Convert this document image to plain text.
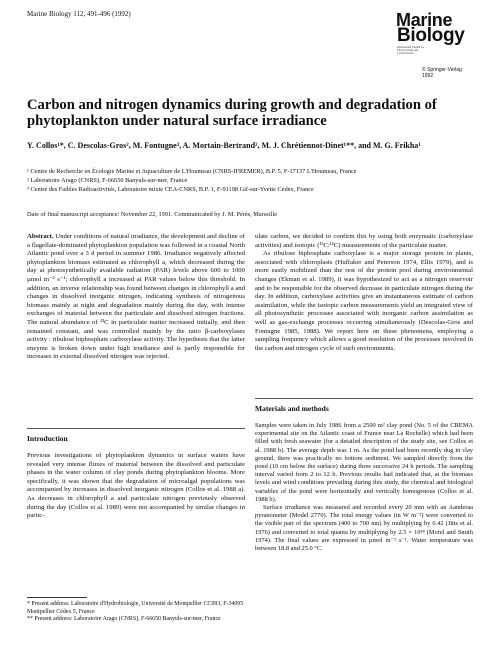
Marine Biology 112, 491-496 (1992)	Marine
Biology
International Journal on Life in Oceans and Coastal Waters
© Springer-Verlag 1992
Carbon and nitrogen dynamics during growth and degradation of phytoplankton under natural surface irradiance
Y. Collos¹*, C. Descolas-Gros², M. Fontugne³, A. Mortain-Bertrand², M. J. Chrétiennot-Dinet¹**, and M. G. Frikha¹
¹ Centre de Recherche en Écologie Marine et Aquaculture de L'Houmeau (CNRS-IFREMER), B.P. 5, F-17137 L'Houmeau, France
² Laboratoire Arago (CNRS), F-66650 Banyuls-sur-mer, France
³ Centre des Faibles Radioactivités, Laboratoire mixte CEA-CNRS, B.P. 1, F-91198 Gif-sur-Yvette Cedex, France
Date of final manuscript acceptance: November 22, 1991. Communicated by J. M. Pérès, Marseille

Abstract. Under conditions of natural irradiance, the development and decline of a flagellate-dominated phytoplankton population was followed in a coastal North Atlantic pond over a 3 d period in summer 1986. Irradiance negatively affected phytoplankton biomass estimated as chlorophyll a, which decreased during the day at photosynthetically available radiation (PAR) levels above 600 to 1000 µmol m⁻² s⁻¹; chlorophyll a increased at PAR values below this threshold. In addition, an inverse relationship was found between changes in chlorophyll a and changes in dissolved inorganic nitrogen, indicating synthesis of nitrogenous biomass mainly at night and degradation mainly during the day, with intense exchanges of material between the particulate and dissolved nitrogen fractions. The natural abundance of ¹³C in particulate matter increased initially, and then remained constant, and was controlled mainly by the ratio β-carboxylases activity : ribulose biphosphate carboxylase activity. The hypothesis that the latter enzyme is broken down under high irradiance and is partly responsible for increases in external dissolved nitrogen was rejected.

ulate carbon, we decided to confirm this by using both enzymatic (carboxylase activities) and isotopic (¹³C:¹²C) measurements of the particulate matter.

As ribulose biphosphate carboxylase is a major storage protein in plants, associated with chloroplasts (Huffaker and Peterson 1974, Ellis 1979), and is more easily mobilized than the rest of the protein pool during environmental changes (Ekman et al. 1989), it was hypothesized to act as a nitrogen reservoir and to be responsible for the observed decrease in particulate nitrogen during the day. In addition, carboxylase activities give an instantaneous estimate of carbon assimilation, while the isotopic carbon measurements yield an integrated view of all photosynthetic processes associated with inorganic carbon assimilation as well as gas-exchange processes occurring simultaneously (Descolas-Gros and Fontugne 1985, 1988). We report here on these phenomena, employing a sampling frequency which allows a good resolution of the processes involved in the carbon and nitrogen cycle of such environments.

Introduction
Previous investigations of phytoplankton dynamics in surface waters have revealed very intense fluxes of material between the dissolved and particulate phases in the water column of clay ponds during phytoplankton blooms. More specifically, it was shown that the degradation of microalgal populations was accompanied by increases in dissolved inorganic nitrogen (Collos et al. 1988 a). As decreases in chlorophyll a and particulate nitrogen previously observed during the day (Collos et al. 1989) were not accompanied by similar changes in partic-
Materials and methods

Samples were taken in July 1986 from a 2500 m² clay pond (No. 5 of the CREMA experimental site on the Atlantic coast of France near La Rochelle) which had been filled with fresh seawater (for a detailed description of the study site, see Collos et al. 1988 b). The average depth was 1 m. As the pond had been recently dug in clay ground, there was practically no bottom sediment. We sampled directly from the pond (10 cm below the surface) during three successive 24 h periods. The sampling interval varied from 2 to 12 h. Previous results had indicated that, at the biomass levels and wind conditions prevailing during this study, the chemical and biological variables of the pond were horizontally and vertically homogenous (Collos et al. 1988 b).

Surface irradiance was measured and recorded every 20 min with an Aanderaa pyranometer (Model 2770). The total energy values (in W m⁻²) were converted to the visible part of the spectrum (400 to 700 nm) by multiplying by 0.42 (Jitts et al. 1976) and converted to total quanta by multiplying by 2.5 × 10¹⁸ (Morel and Smith 1974). The final values are expressed in µmol m⁻² s⁻¹. Water temperature was between 18.8 and 25.0 °C.

* Present address: Laboratoire d'Hydrobiologie, Université de Montpellier CC093, F-34095 Montpellier Cédex 5, France
** Present address: Laboratoire Arago (CNRS), F-66650 Banyuls-sur-mer, France
